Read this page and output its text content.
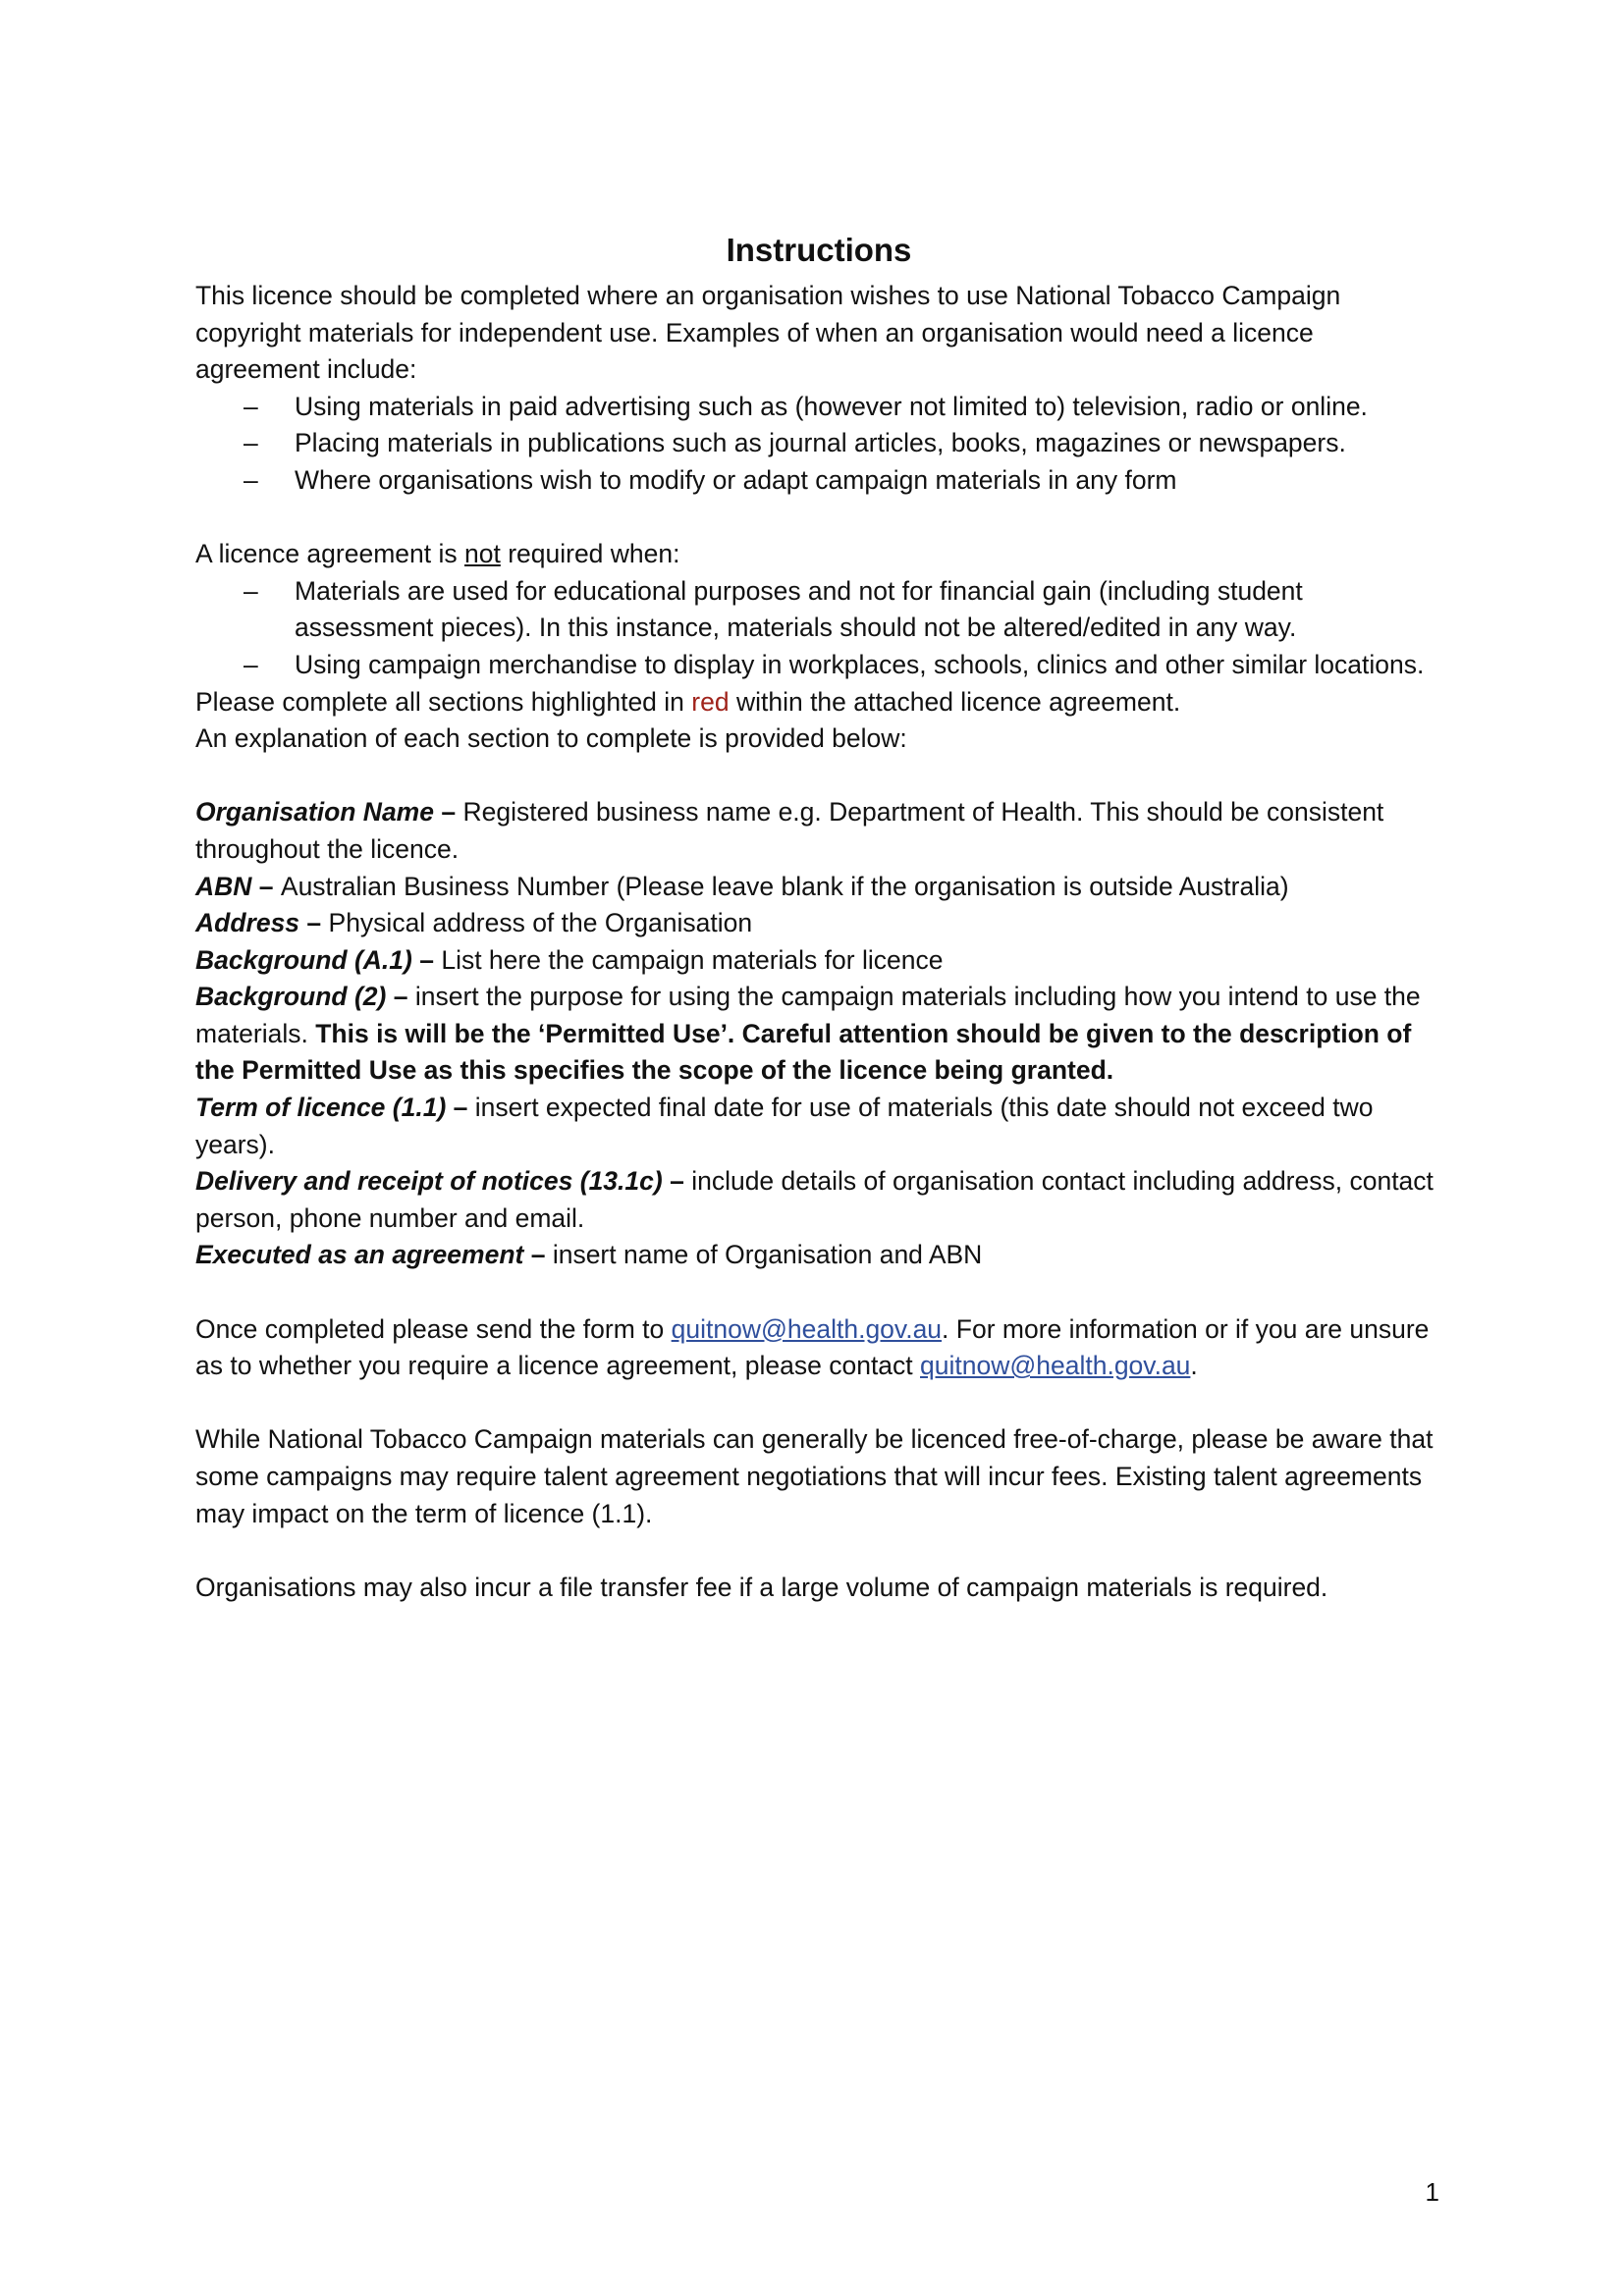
Instructions

This licence should be completed where an organisation wishes to use National Tobacco Campaign copyright materials for independent use. Examples of when an organisation would need a licence agreement include:

– Using materials in paid advertising such as (however not limited to) television, radio or online.
– Placing materials in publications such as journal articles, books, magazines or newspapers.
– Where organisations wish to modify or adapt campaign materials in any form

A licence agreement is not required when:

– Materials are used for educational purposes and not for financial gain (including student assessment pieces). In this instance, materials should not be altered/edited in any way.
– Using campaign merchandise to display in workplaces, schools, clinics and other similar locations.

Please complete all sections highlighted in red within the attached licence agreement.

An explanation of each section to complete is provided below:

Organisation Name – Registered business name e.g. Department of Health. This should be consistent throughout the licence.

ABN – Australian Business Number (Please leave blank if the organisation is outside Australia)

Address – Physical address of the Organisation

Background (A.1) – List here the campaign materials for licence

Background (2) – insert the purpose for using the campaign materials including how you intend to use the materials. This is will be the ‘Permitted Use’. Careful attention should be given to the description of the Permitted Use as this specifies the scope of the licence being granted.

Term of licence (1.1) – insert expected final date for use of materials (this date should not exceed two years).

Delivery and receipt of notices (13.1c) – include details of organisation contact including address, contact person, phone number and email.

Executed as an agreement – insert name of Organisation and ABN

Once completed please send the form to quitnow@health.gov.au. For more information or if you are unsure as to whether you require a licence agreement, please contact quitnow@health.gov.au.

While National Tobacco Campaign materials can generally be licenced free-of-charge, please be aware that some campaigns may require talent agreement negotiations that will incur fees. Existing talent agreements may impact on the term of licence (1.1).

Organisations may also incur a file transfer fee if a large volume of campaign materials is required.

1
